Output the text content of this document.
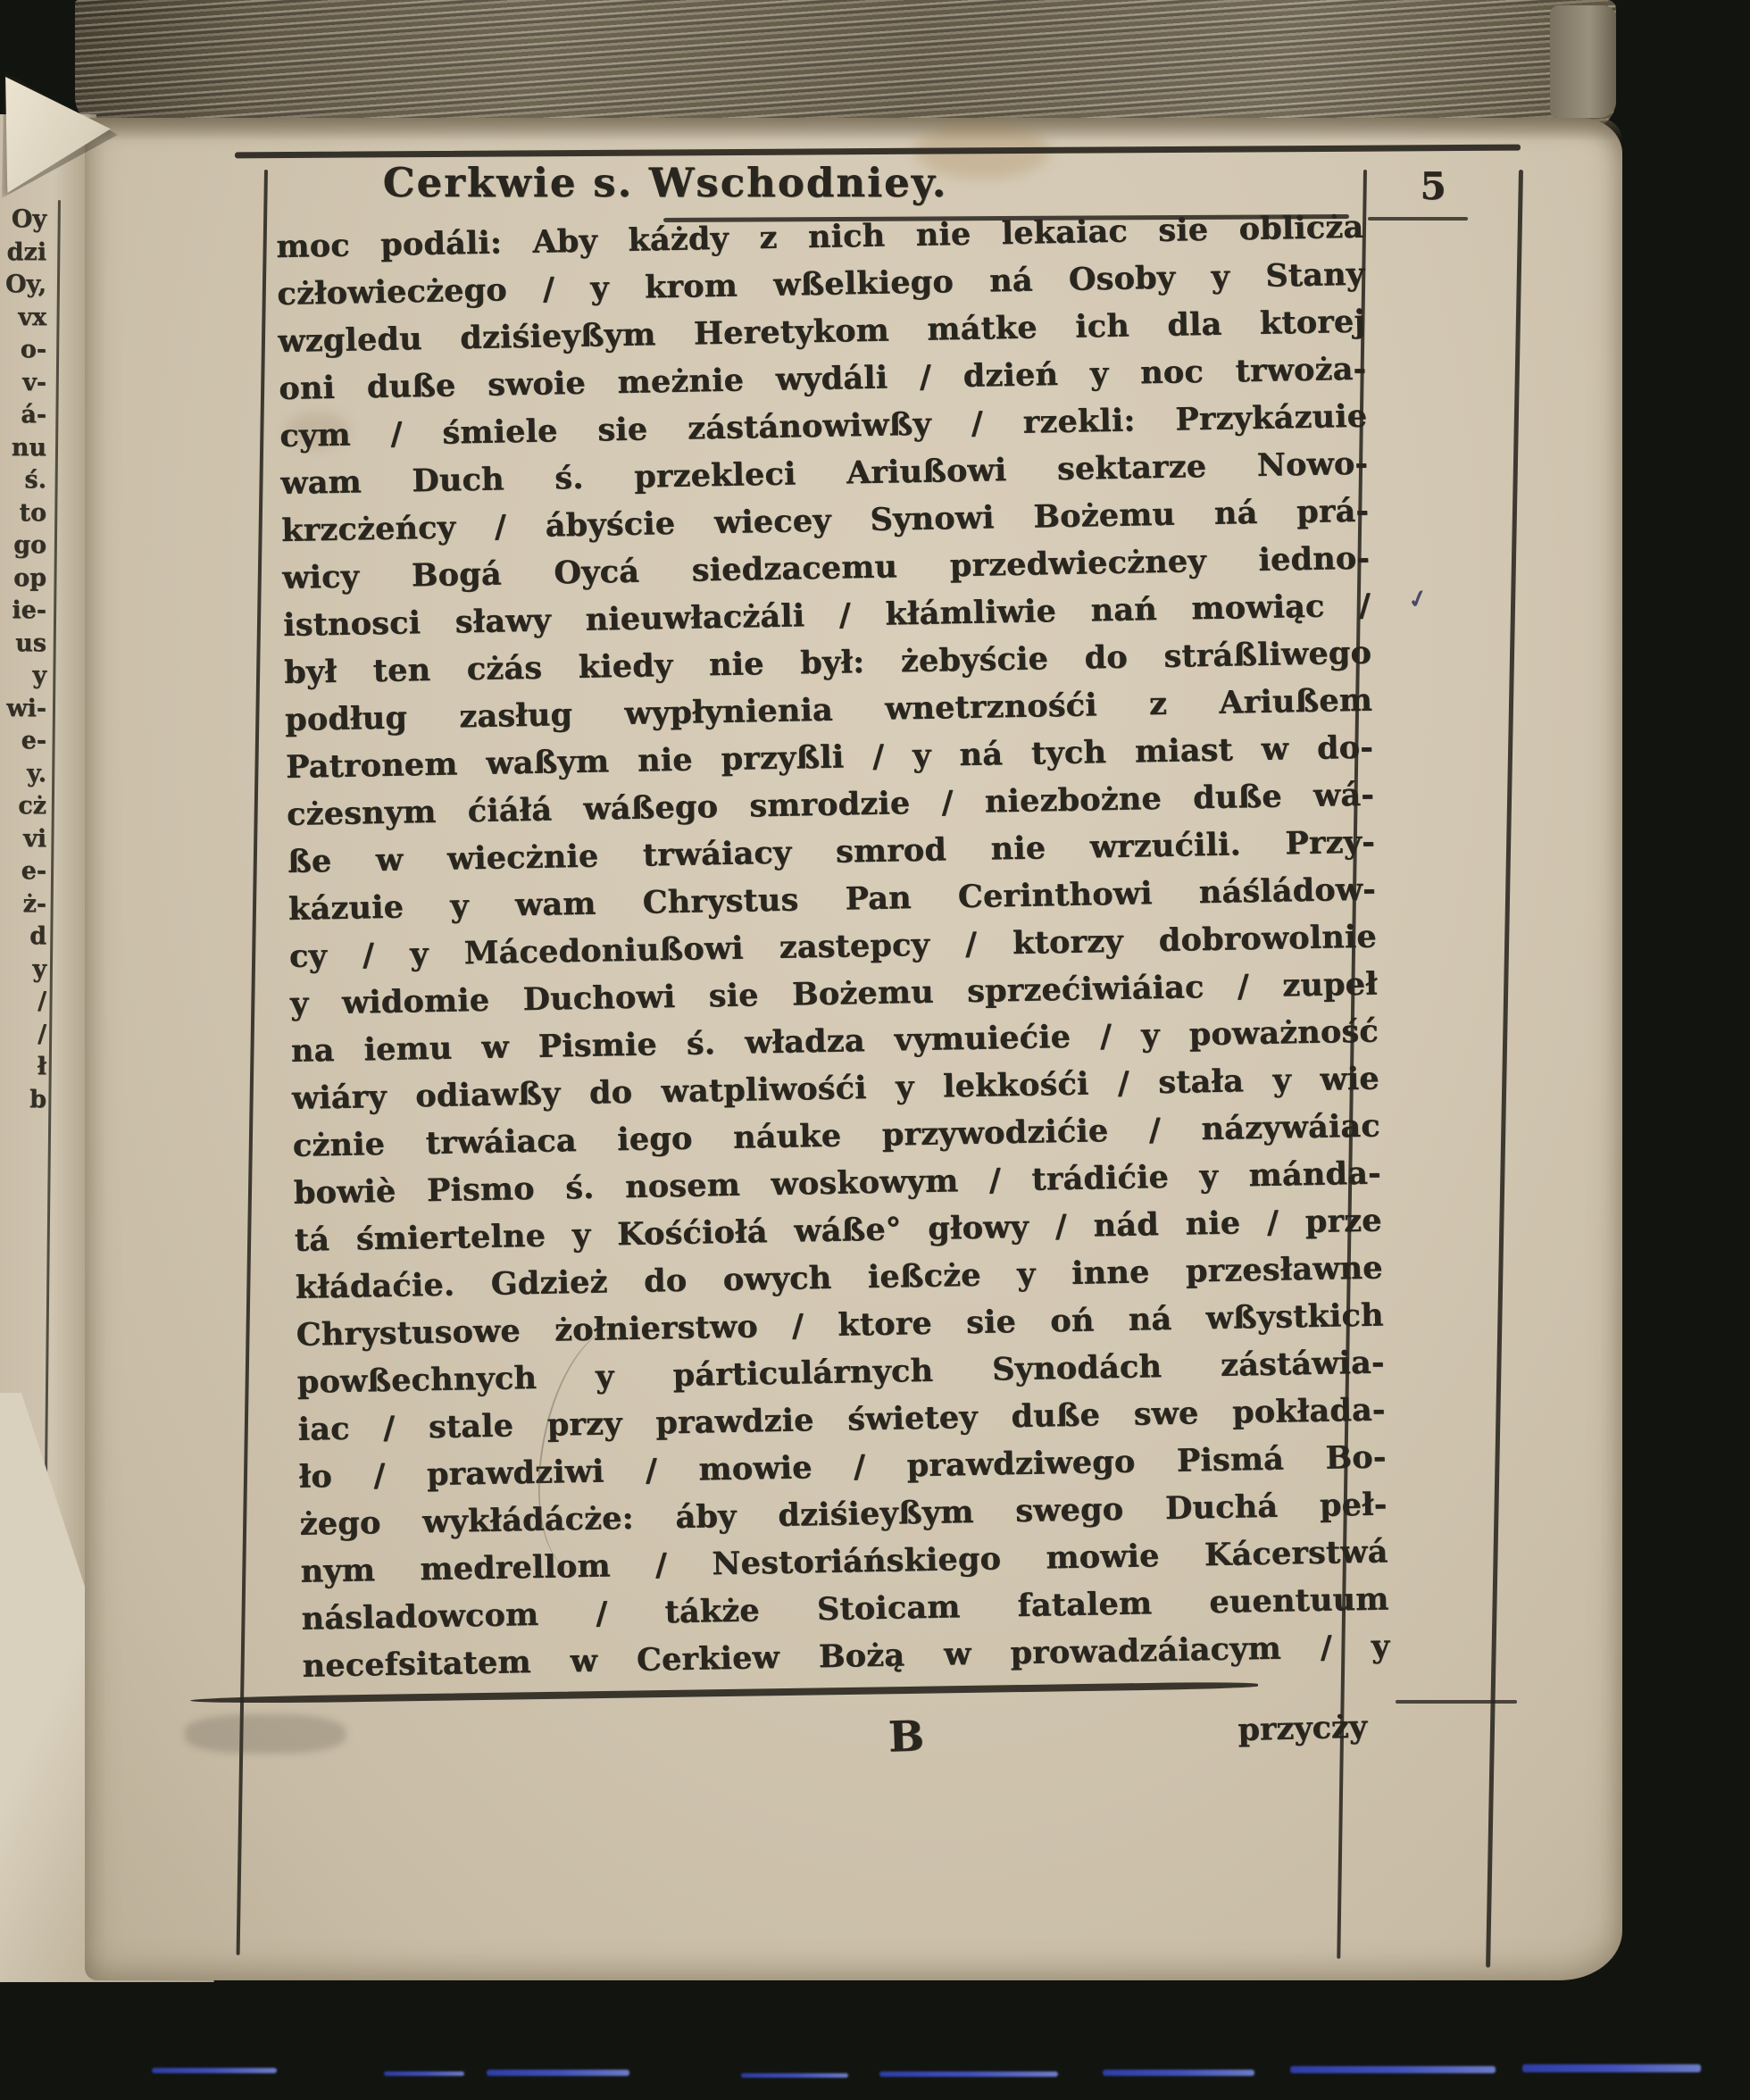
Oy
dzi
Oy,
vx
o-
v-
á-
nu
ś.
to
go
op
ie-
us
y
wi-
e-
y.
cż
vi
e-
ż-
d
y
/
/
ł
b
Cerkwie s. Wschodniey.	5
moc podáli: Aby káżdy z nich nie lekaiac sie oblicża
cżłowiecżego / y krom wßelkiego ná Osoby y Stany
wzgledu dziśieyßym Heretykom mátke ich dla ktorej
oni duße swoie meżnie wydáli / dzień y noc trwoża-
cym / śmiele sie zástánowiwßy / rzekli: Przykázuie
wam Duch ś. przekleci Ariußowi sektarze Nowo-
krzcżeńcy / ábyście wiecey Synowi Bożemu ná prá-
wicy Bogá Oycá siedzacemu przedwiecżney iedno-
istnosci sławy nieuwłacżáli / kłámliwie nań mowiąc /
był ten cżás kiedy nie był: żebyście do stráßliwego
podług zasług wypłynienia wnetrznośći z Ariußem
Patronem waßym nie przyßli / y ná tych miast w do-
cżesnym ćiáłá wáßego smrodzie / niezbożne duße wá-
ße w wiecżnie trwáiacy smrod nie wrzućili. Przy-
kázuie y wam Chrystus Pan Cerinthowi náśládow-
cy / y Mácedoniußowi zastepcy / ktorzy dobrowolnie
y widomie Duchowi sie Bożemu sprzećiwiáiac / zupeł
na iemu w Pismie ś. władza vymuiećie / y poważność
wiáry odiawßy do watpliwośći y lekkośći / stała y wie
cżnie trwáiaca iego náuke przywodzićie / názywáiac
bowiè Pismo ś. nosem woskowym / trádićie y mánda-
tá śmiertelne y Kośćiołá wáße° głowy / nád nie / prze
kłádaćie. Gdzież do owych ießcże y inne przesławne
Chrystusowe żołnierstwo / ktore sie oń ná wßystkich
powßechnych y párticulárnych Synodách zástáwia-
iac / stale przy prawdzie świetey duße swe pokłada-
ło / prawdziwi / mowie / prawdziwego Pismá Bo-
żego wykłádácże: áby dziśieyßym swego Duchá peł-
nym medrellom / Nestoriáńskiego mowie Kácerstwá
násladowcom / tákże Stoicam fatalem euentuum
necefsitatem w Cerkiew Bożą w prowadzáiacym / y
✓
B	przycży
